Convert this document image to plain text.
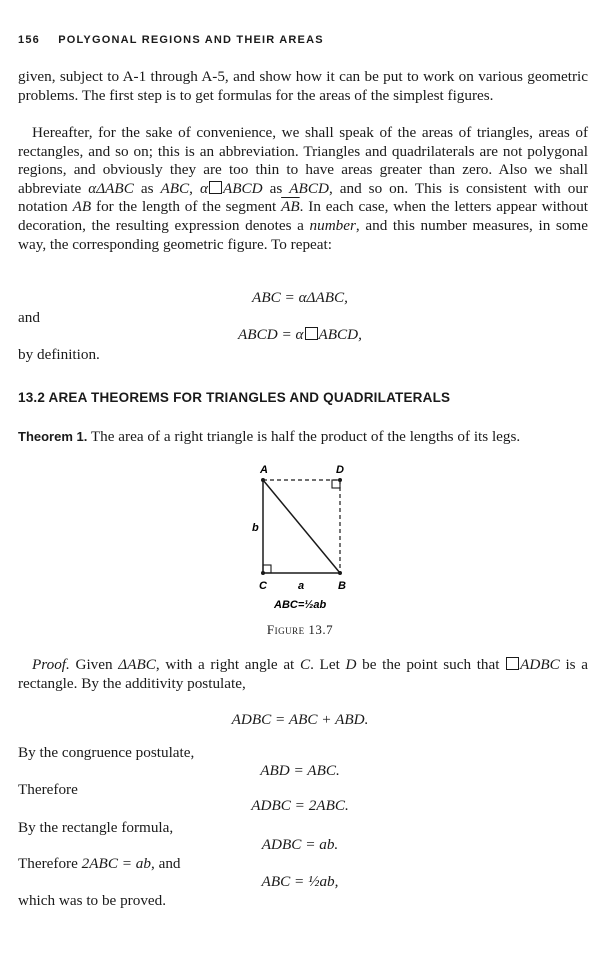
156 POLYGONAL REGIONS AND THEIR AREAS

given, subject to A-1 through A-5, and show how it can be put to work on various geometric problems. The first step is to get formulas for the areas of the simplest figures.

Hereafter, for the sake of convenience, we shall speak of the areas of triangles, areas of rectangles, and so on; this is an abbreviation. Triangles and quadrilaterals are not polygonal regions, and obviously they are too thin to have areas greater than zero. Also we shall abbreviate αΔABC as ABC, α ABCD as ABCD, and so on. This is consistent with our notation AB for the length of the segment $\overline{AB}$. In each case, when the letters appear without decoration, the resulting expression denotes a number, and this number measures, in some way, the corresponding geometric figure. To repeat:

ABC = αΔABC,

and

ABCD = α ABCD,

by definition.

13.2 AREA THEOREMS FOR TRIANGLES AND QUADRILATERALS

Theorem 1. The area of a right triangle is half the product of the lengths of its legs.

A	D
C	B
b
a
ABC=½ab
Figure 13.7

Proof. Given ΔABC, with a right angle at C. Let D be the point such that ADBC is a rectangle. By the additivity postulate,

ADBC = ABC + ABD.

By the congruence postulate,

ABD = ABC.

Therefore

ADBC = 2ABC.

By the rectangle formula,

ADBC = ab.

Therefore 2ABC = ab, and

ABC = ½ab,

which was to be proved.
